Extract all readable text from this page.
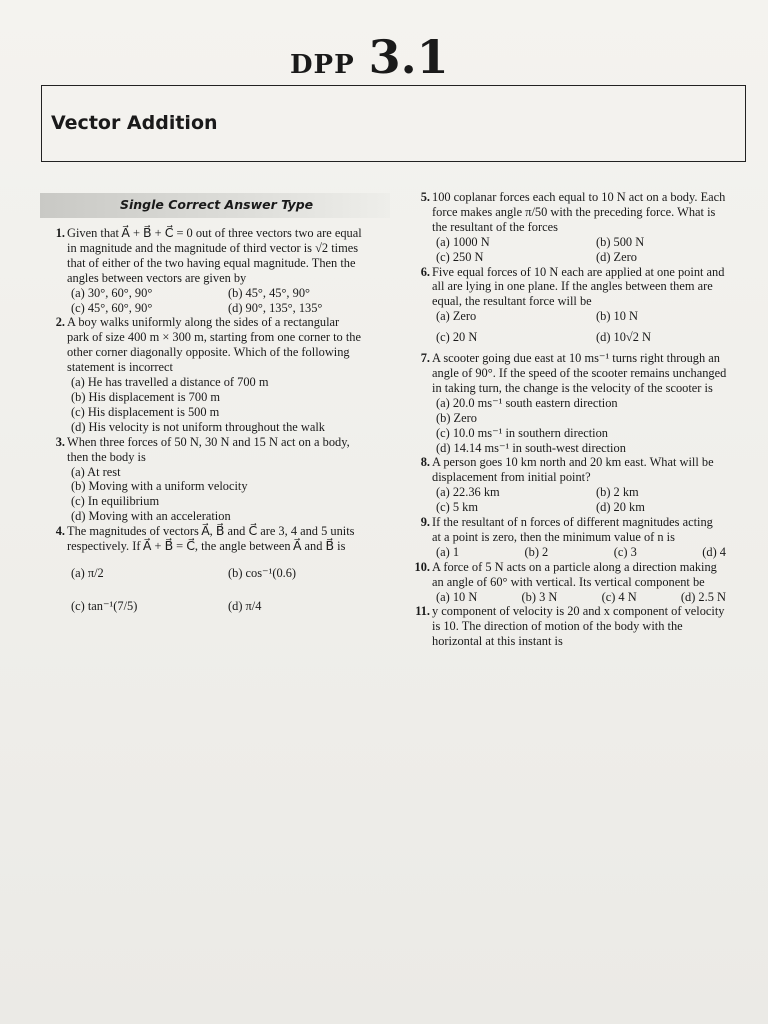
DPP 3.1
Vector Addition
Single Correct Answer Type
1. Given that A⃗ + B⃗ + C⃗ = 0 out of three vectors two are equal
in magnitude and the magnitude of third vector is √2 times
that of either of the two having equal magnitude. Then the
angles between vectors are given by
(a) 30°, 60°, 90°	(b) 45°, 45°, 90°
(c) 45°, 60°, 90°	(d) 90°, 135°, 135°
2. A boy walks uniformly along the sides of a rectangular
park of size 400 m × 300 m, starting from one corner to the
other corner diagonally opposite. Which of the following
statement is incorrect
(a) He has travelled a distance of 700 m
(b) His displacement is 700 m
(c) His displacement is 500 m
(d) His velocity is not uniform throughout the walk
3. When three forces of 50 N, 30 N and 15 N act on a body,
then the body is
(a) At rest
(b) Moving with a uniform velocity
(c) In equilibrium
(d) Moving with an acceleration
4. The magnitudes of vectors A⃗, B⃗ and C⃗ are 3, 4 and 5 units
respectively. If A⃗ + B⃗ = C⃗, the angle between A⃗ and B⃗ is
(a) π/2	(b) cos⁻¹(0.6)
(c) tan⁻¹(7/5)	(d) π/4
5. 100 coplanar forces each equal to 10 N act on a body. Each
force makes angle π/50 with the preceding force. What is
the resultant of the forces
(a) 1000 N	(b) 500 N
(c) 250 N	(d) Zero
6. Five equal forces of 10 N each are applied at one point and
all are lying in one plane. If the angles between them are
equal, the resultant force will be
(a) Zero	(b) 10 N
(c) 20 N	(d) 10√2 N
7. A scooter going due east at 10 ms⁻¹ turns right through an
angle of 90°. If the speed of the scooter remains unchanged
in taking turn, the change is the velocity of the scooter is
(a) 20.0 ms⁻¹ south eastern direction
(b) Zero
(c) 10.0 ms⁻¹ in southern direction
(d) 14.14 ms⁻¹ in south-west direction
8. A person goes 10 km north and 20 km east. What will be
displacement from initial point?
(a) 22.36 km	(b) 2 km
(c) 5 km	(d) 20 km
9. If the resultant of n forces of different magnitudes acting
at a point is zero, then the minimum value of n is
(a) 1	(b) 2	(c) 3	(d) 4
10. A force of 5 N acts on a particle along a direction making
an angle of 60° with vertical. Its vertical component be
(a) 10 N	(b) 3 N	(c) 4 N	(d) 2.5 N
11. y component of velocity is 20 and x component of velocity
is 10. The direction of motion of the body with the
horizontal at this instant is
